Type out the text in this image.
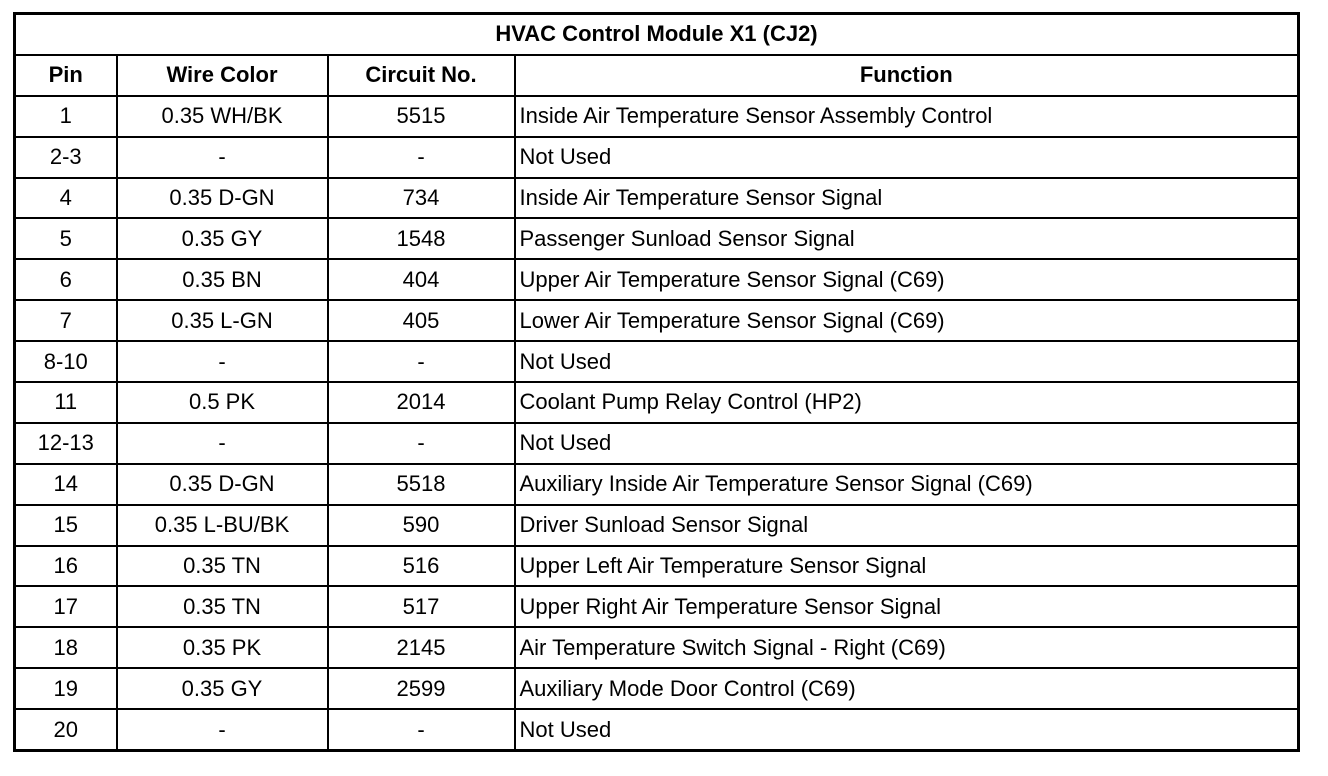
HVAC Control Module X1 (CJ2)			
Pin	Wire Color	Circuit No.	Function
1	0.35 WH/BK	5515	Inside Air Temperature Sensor Assembly Control
2-3	-	-	Not Used
4	0.35 D-GN	734	Inside Air Temperature Sensor Signal
5	0.35 GY	1548	Passenger Sunload Sensor Signal
6	0.35 BN	404	Upper Air Temperature Sensor Signal (C69)
7	0.35 L-GN	405	Lower Air Temperature Sensor Signal (C69)
8-10	-	-	Not Used
11	0.5 PK	2014	Coolant Pump Relay Control (HP2)
12-13	-	-	Not Used
14	0.35 D-GN	5518	Auxiliary Inside Air Temperature Sensor Signal (C69)
15	0.35 L-BU/BK	590	Driver Sunload Sensor Signal
16	0.35 TN	516	Upper Left Air Temperature Sensor Signal
17	0.35 TN	517	Upper Right Air Temperature Sensor Signal
18	0.35 PK	2145	Air Temperature Switch Signal - Right (C69)
19	0.35 GY	2599	Auxiliary Mode Door Control (C69)
20	-	-	Not Used
